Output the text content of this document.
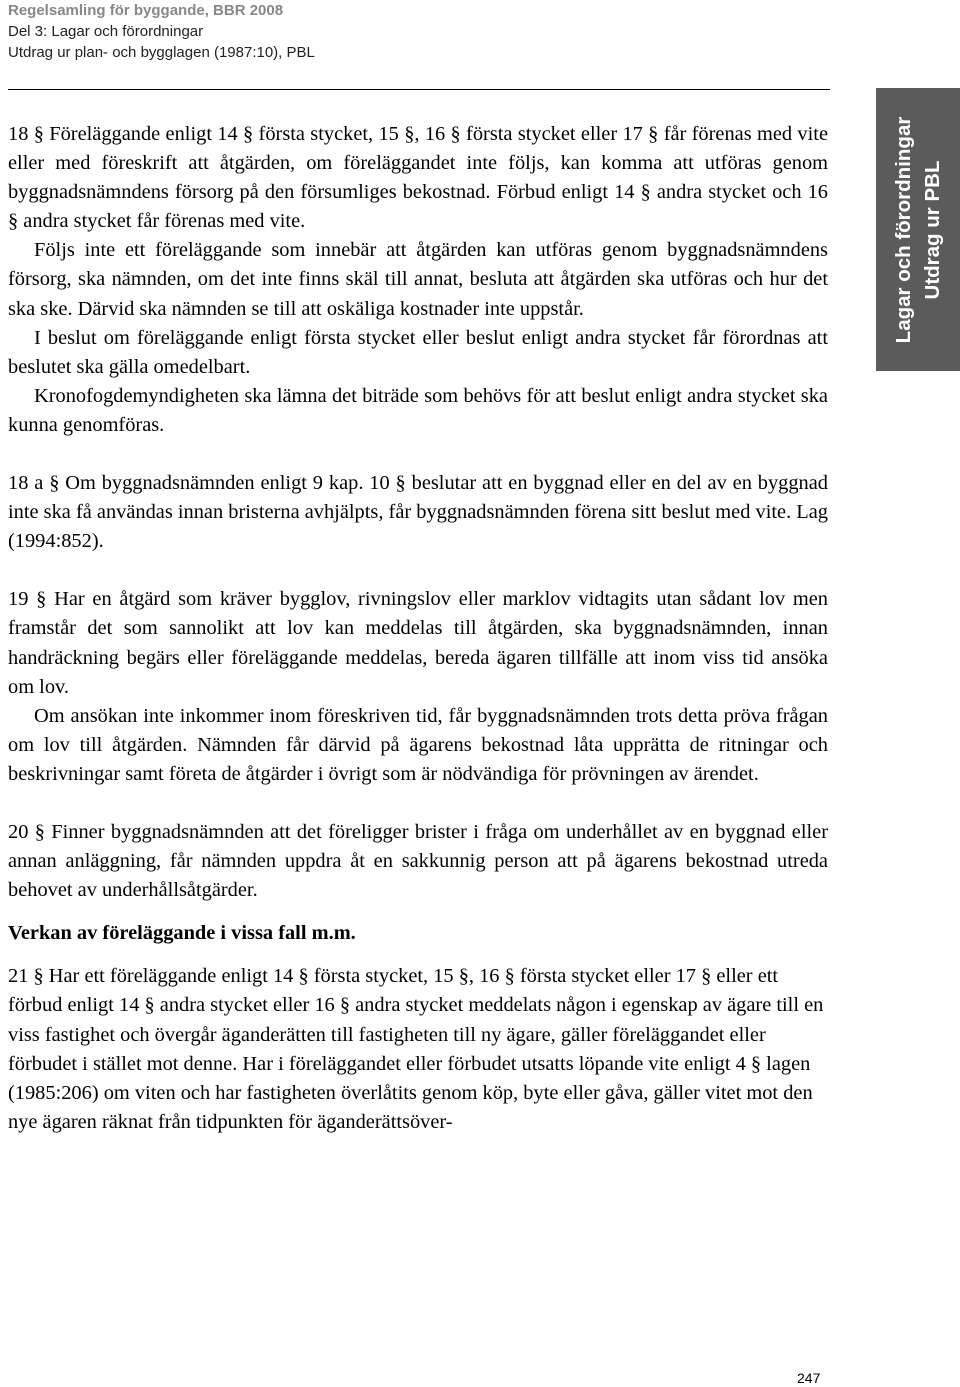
Regelsamling för byggande, BBR 2008
Del 3: Lagar och förordningar
Utdrag ur plan- och bygglagen (1987:10), PBL
Lagar och förordningar Utdrag ur PBL

18 § Föreläggande enligt 14 § första stycket, 15 §, 16 § första stycket eller 17 § får förenas med vite eller med föreskrift att åtgärden, om föreläggandet inte följs, kan komma att utföras genom byggnadsnämndens försorg på den försumliges bekostnad. Förbud enligt 14 § andra stycket och 16 § andra stycket får förenas med vite.

Följs inte ett föreläggande som innebär att åtgärden kan utföras genom byggnadsnämndens försorg, ska nämnden, om det inte finns skäl till annat, besluta att åtgärden ska utföras och hur det ska ske. Därvid ska nämnden se till att oskäliga kostnader inte uppstår.

I beslut om föreläggande enligt första stycket eller beslut enligt andra stycket får förordnas att beslutet ska gälla omedelbart.

Kronofogdemyndigheten ska lämna det biträde som behövs för att beslut enligt andra stycket ska kunna genomföras.

18 a § Om byggnadsnämnden enligt 9 kap. 10 § beslutar att en byggnad eller en del av en byggnad inte ska få användas innan bristerna avhjälpts, får byggnadsnämnden förena sitt beslut med vite. Lag (1994:852).

19 § Har en åtgärd som kräver bygglov, rivningslov eller marklov vidtagits utan sådant lov men framstår det som sannolikt att lov kan meddelas till åtgärden, ska byggnadsnämnden, innan handräckning begärs eller föreläggande meddelas, bereda ägaren tillfälle att inom viss tid ansöka om lov.

Om ansökan inte inkommer inom föreskriven tid, får byggnadsnämnden trots detta pröva frågan om lov till åtgärden. Nämnden får därvid på ägarens bekostnad låta upprätta de ritningar och beskrivningar samt företa de åtgärder i övrigt som är nödvändiga för prövningen av ärendet.

20 § Finner byggnadsnämnden att det föreligger brister i fråga om underhållet av en byggnad eller annan anläggning, får nämnden uppdra åt en sakkunnig person att på ägarens bekostnad utreda behovet av underhållsåtgärder.

Verkan av föreläggande i vissa fall m.m.

21 § Har ett föreläggande enligt 14 § första stycket, 15 §, 16 § första stycket eller 17 § eller ett förbud enligt 14 § andra stycket eller 16 § andra stycket meddelats någon i egenskap av ägare till en viss fastighet och övergår äganderätten till fastigheten till ny ägare, gäller föreläggandet eller förbudet i stället mot denne. Har i föreläggandet eller förbudet utsatts löpande vite enligt 4 § lagen (1985:206) om viten och har fastigheten överlåtits genom köp, byte eller gåva, gäller vitet mot den nye ägaren räknat från tidpunkten för äganderättsöver-

247
